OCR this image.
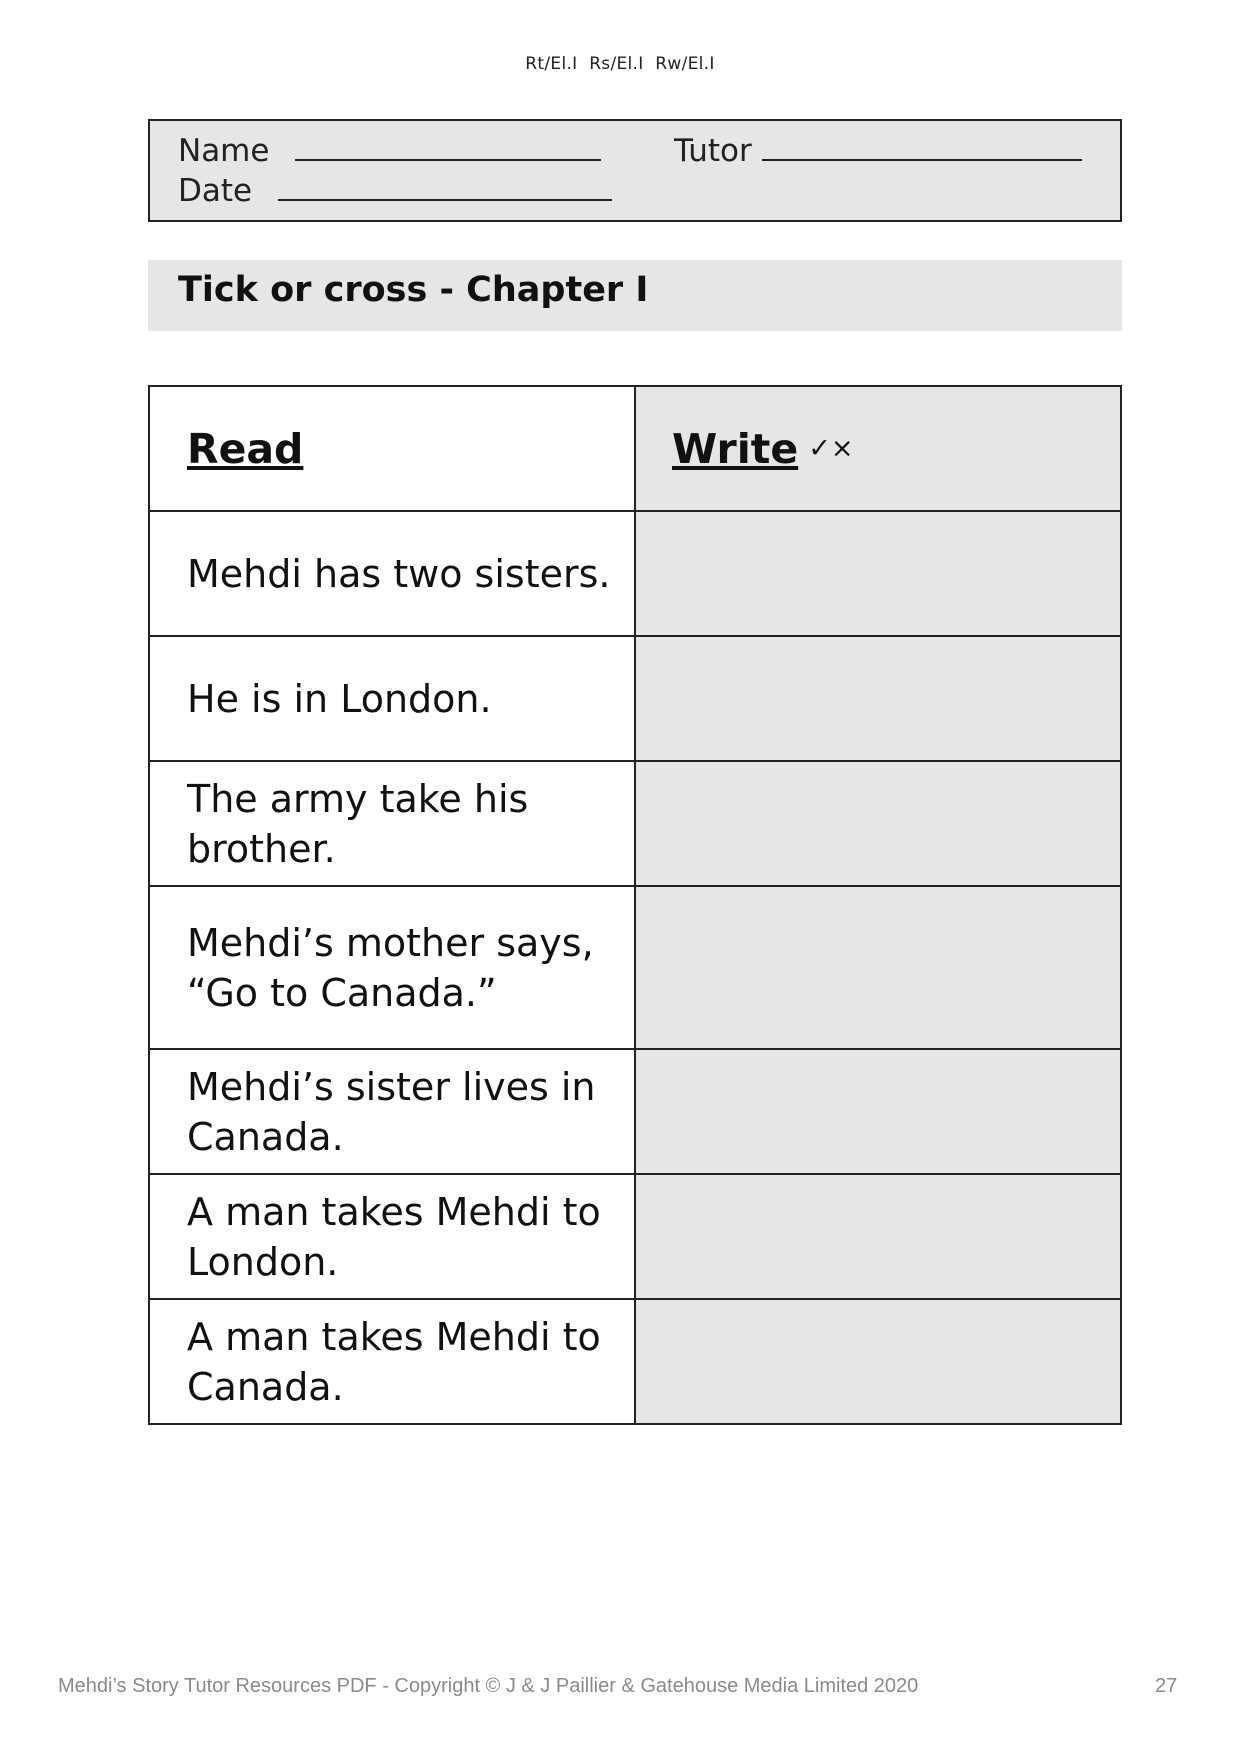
Rt/El.I Rs/El.I Rw/El.I
Name
Date
Tutor
Tick or cross - Chapter I
Read	Write ✓×

Mehdi has two sisters.	

He is in London.	

The army take his brother.	

Mehdi’s mother says,
“Go to Canada.”	

Mehdi’s sister lives in Canada.	

A man takes Mehdi to London.	

A man takes Mehdi to Canada.	

Mehdi’s Story Tutor Resources PDF - Copyright © J & J Paillier & Gatehouse Media Limited 2020	27
